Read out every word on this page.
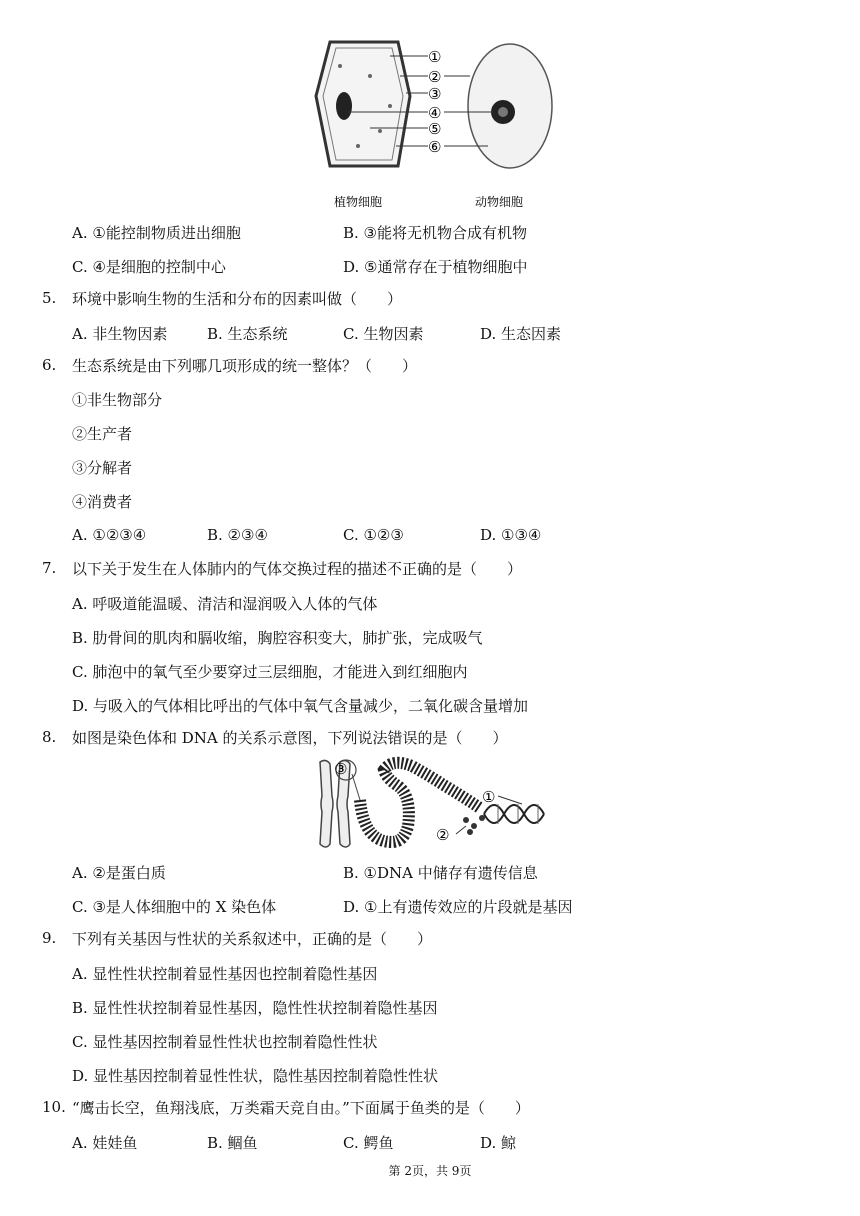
①
②
③
④
⑤
⑥
植物细胞	动物细胞
A. ①能控制物质进出细胞	B. ③能将无机物合成有机物
C. ④是细胞的控制中心	D. ⑤通常存在于植物细胞中
5.	环境中影响生物的生活和分布的因素叫做（　　）
A. 非生物因素	B. 生态系统	C. 生物因素	D. 生态因素
6.	生态系统是由下列哪几项形成的统一整体？（　　）
①非生物部分
②生产者
③分解者
④消费者
A. ①②③④	B. ②③④	C. ①②③	D. ①③④
7.	以下关于发生在人体肺内的气体交换过程的描述不正确的是（　　）
A. 呼吸道能温暖、清洁和湿润吸入人体的气体
B. 肋骨间的肌肉和膈收缩，胸腔容积变大，肺扩张，完成吸气
C. 肺泡中的氧气至少要穿过三层细胞，才能进入到红细胞内
D. 与吸入的气体相比呼出的气体中氧气含量减少，二氧化碳含量增加
8.	如图是染色体和 DNA 的关系示意图，下列说法错误的是（　　）
③
①
②
A. ②是蛋白质	B. ①DNA 中储存有遗传信息
C. ③是人体细胞中的 X 染色体	D. ①上有遗传效应的片段就是基因
9.	下列有关基因与性状的关系叙述中，正确的是（　　）
A. 显性性状控制着显性基因也控制着隐性基因
B. 显性性状控制着显性基因，隐性性状控制着隐性基因
C. 显性基因控制着显性性状也控制着隐性性状
D. 显性基因控制着显性性状，隐性基因控制着隐性性状
10. “鹰击长空，鱼翔浅底，万类霜天竞自由。”下面属于鱼类的是（　　）
A. 娃娃鱼	B. 鲴鱼	C. 鳄鱼	D. 鲸
第 2页，共 9页
